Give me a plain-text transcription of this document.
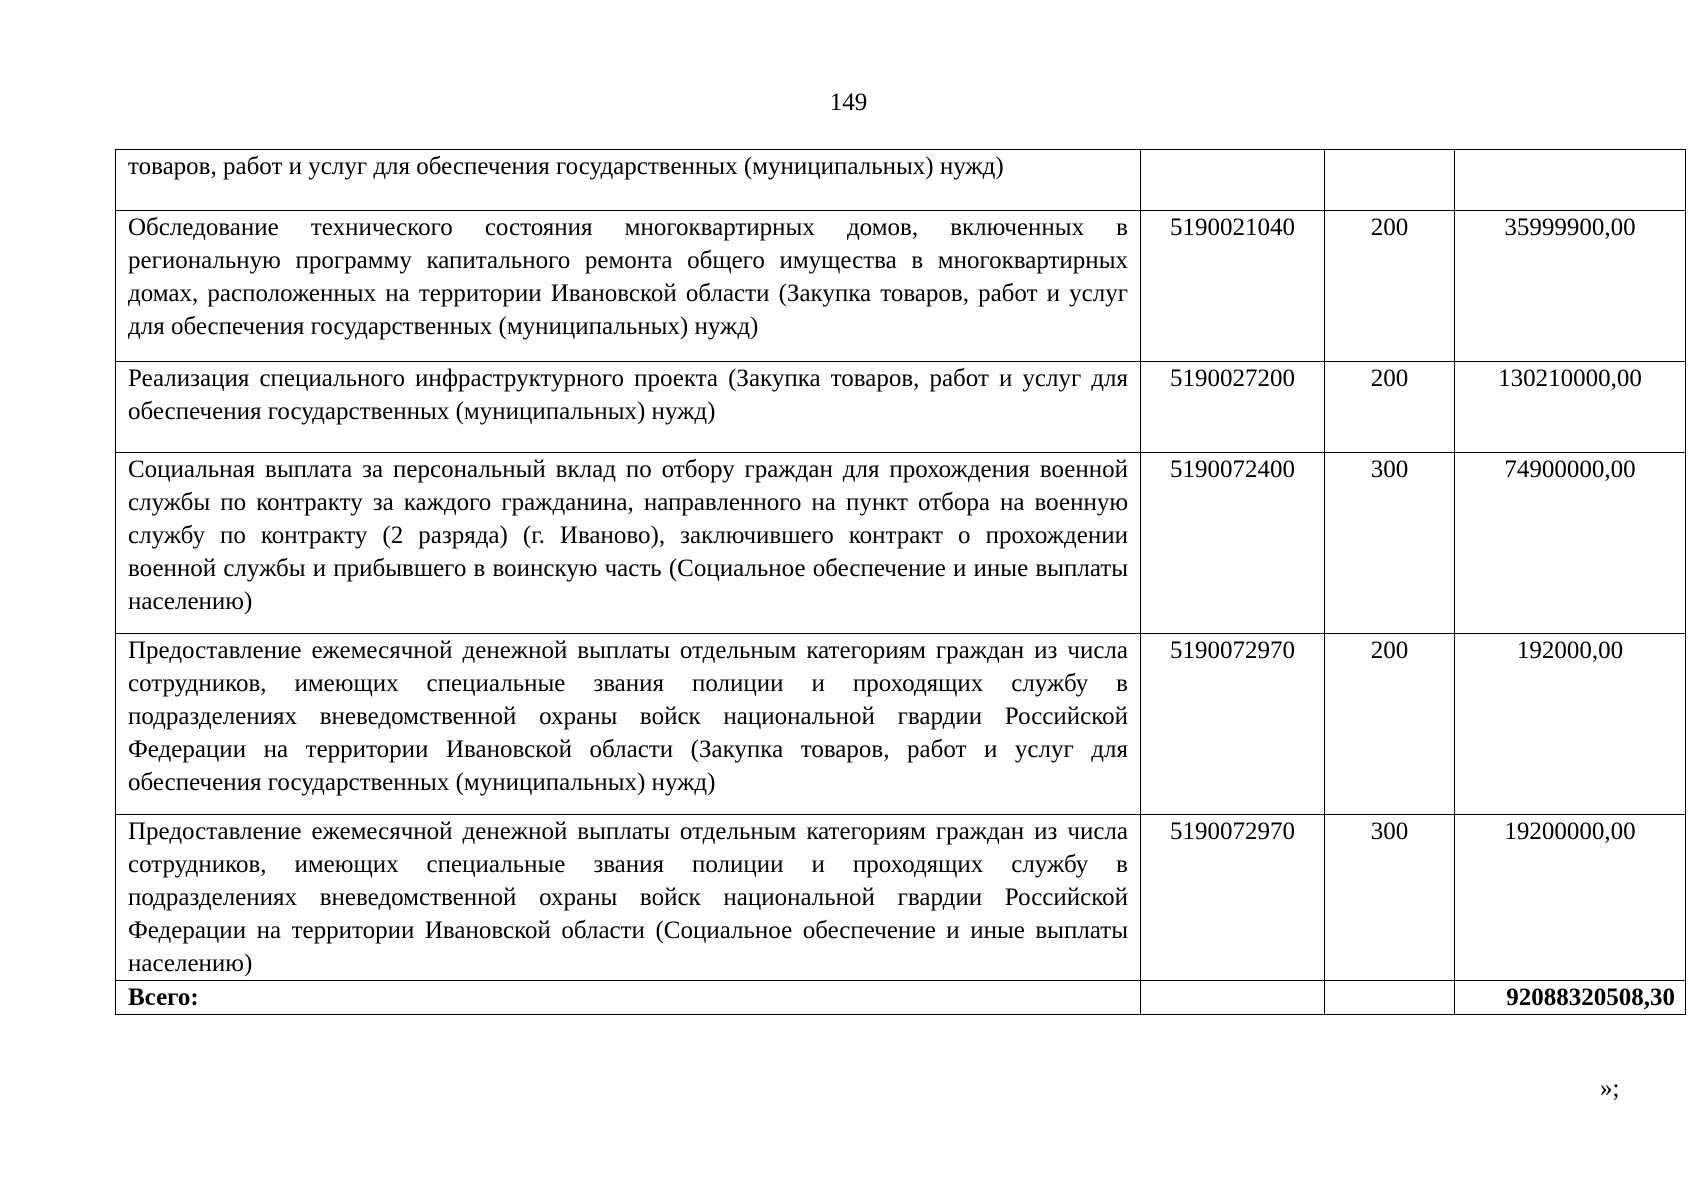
149
товаров, работ и услуг для обеспечения государственных (муниципальных) нужд)			
Обследование технического состояния многоквартирных домов, включенных в региональную программу капитального ремонта общего имущества в многоквартирных домах, расположенных на территории Ивановской области (Закупка товаров, работ и услуг для обеспечения государственных (муниципальных) нужд)	5190021040	200	35999900,00
Реализация специального инфраструктурного проекта (Закупка товаров, работ и услуг для обеспечения государственных (муниципальных) нужд)	5190027200	200	130210000,00
Социальная выплата за персональный вклад по отбору граждан для прохождения военной службы по контракту за каждого гражданина, направленного на пункт отбора на военную службу по контракту (2 разряда) (г. Иваново), заключившего контракт о прохождении военной службы и прибывшего в воинскую часть (Социальное обеспечение и иные выплаты населению)	5190072400	300	74900000,00
Предоставление ежемесячной денежной выплаты отдельным категориям граждан из числа сотрудников, имеющих специальные звания полиции и проходящих службу в подразделениях вневедомственной охраны войск национальной гвардии Российской Федерации на территории Ивановской области (Закупка товаров, работ и услуг для обеспечения государственных (муниципальных) нужд)	5190072970	200	192000,00
Предоставление ежемесячной денежной выплаты отдельным категориям граждан из числа сотрудников, имеющих специальные звания полиции и проходящих службу в подразделениях вневедомственной охраны войск национальной гвардии Российской Федерации на территории Ивановской области (Социальное обеспечение и иные выплаты населению)	5190072970	300	19200000,00
Всего:			92088320508,30
»;
